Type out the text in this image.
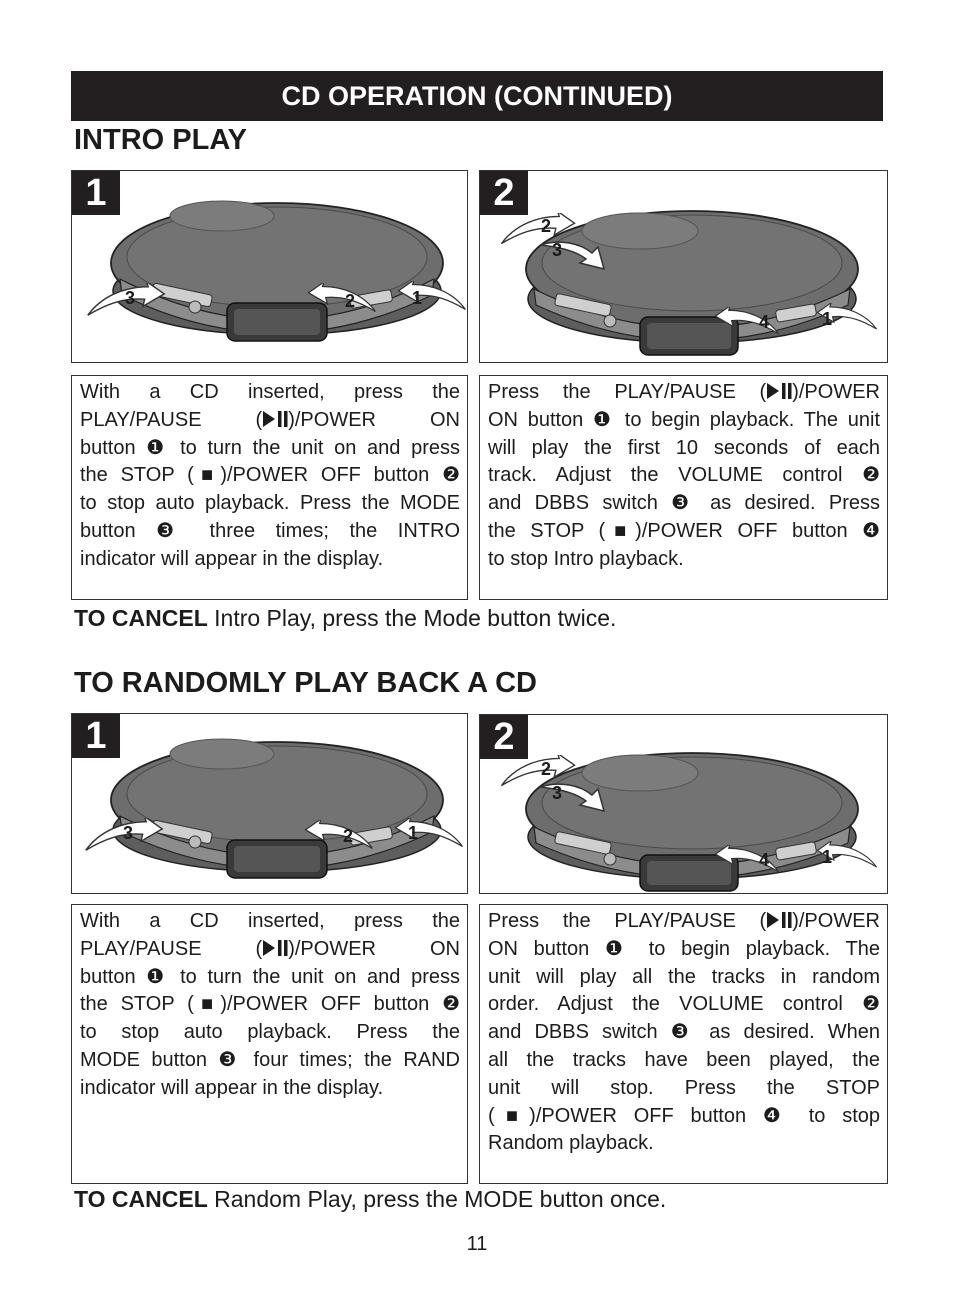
CD OPERATION (CONTINUED)
INTRO PLAY
3	2	1
1
2
3
4	1
2
With a CD inserted, press the
PLAY/PAUSE ( )/POWER ON
button ❶ to turn the unit on and press
the STOP (■)/POWER OFF button ❷
to stop auto playback. Press the MODE
button ❸ three times; the INTRO
indicator will appear in the display.
Press the PLAY/PAUSE ( )/POWER
ON button ❶ to begin playback. The unit
will play the first 10 seconds of each
track. Adjust the VOLUME control ❷
and DBBS switch ❸ as desired. Press
the STOP (■)/POWER OFF button ❹
to stop Intro playback.
TO CANCEL Intro Play, press the Mode button twice.
TO RANDOMLY PLAY BACK A CD
3	2	1
1
2
3
4	1
2
With a CD inserted, press the
PLAY/PAUSE ( )/POWER ON
button ❶ to turn the unit on and press
the STOP (■)/POWER OFF button ❷
to stop auto playback. Press the
MODE button ❸ four times; the RAND
indicator will appear in the display.
Press the PLAY/PAUSE ( )/POWER
ON button ❶ to begin playback. The
unit will play all the tracks in random
order. Adjust the VOLUME control ❷
and DBBS switch ❸ as desired. When
all the tracks have been played, the
unit will stop. Press the STOP
(■)/POWER OFF button ❹ to stop
Random playback.
TO CANCEL Random Play, press the MODE button once.
11
